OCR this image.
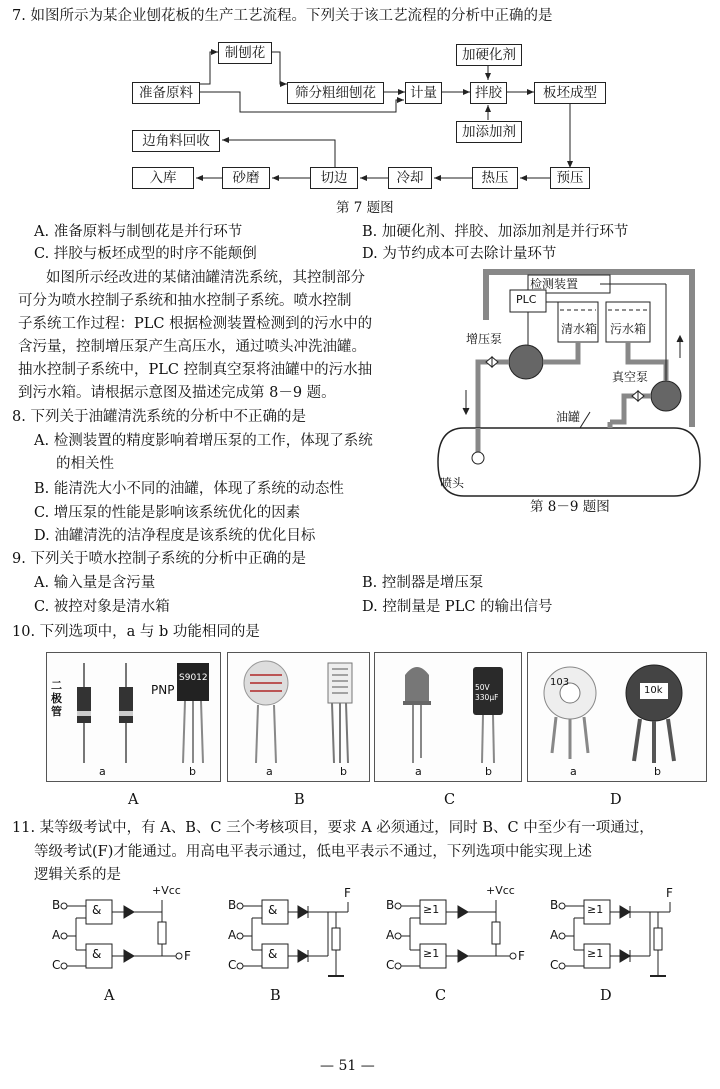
7. 如图所示为某企业刨花板的生产工艺流程。下列关于该工艺流程的分析中正确的是
准备原料
制刨花
筛分粗细刨花	计量
加硬化剂
拌胶
加添加剂
板坯成型
边角料回收
入库	砂磨	切边	冷却	热压	预压
第 7 题图
A. 准备原料与制刨花是并行环节	B. 加硬化剂、拌胶、加添加剂是并行环节
C. 拌胶与板坯成型的时序不能颠倒	D. 为节约成本可去除计量环节
如图所示经改进的某储油罐清洗系统，其控制部分
可分为喷水控制子系统和抽水控制子系统。喷水控制
子系统工作过程：PLC 根据检测装置检测到的污水中的
含污量，控制增压泵产生高压水，通过喷头冲洗油罐。
抽水控制子系统中，PLC 控制真空泵将油罐中的污水抽
到污水箱。请根据示意图及描述完成第 8－9 题。
检测装置
PLC
清水箱 污水箱
增压泵
真空泵
油罐
喷头
第 8－9 题图
8. 下列关于油罐清洗系统的分析中不正确的是
A. 检测装置的精度影响着增压泵的工作，体现了系统
的相关性
B. 能清洗大小不同的油罐，体现了系统的动态性
C. 增压泵的性能是影响该系统优化的因素
D. 油罐清洗的洁净程度是该系统的优化目标
9. 下列关于喷水控制子系统的分析中正确的是
A. 输入量是含污量	B. 控制器是增压泵
C. 被控对象是清水箱	D. 控制量是 PLC 的输出信号
10. 下列选项中，a 与 b 功能相同的是
二极管
PNP
S9012
a	b	a	b
50V 330μF
a	b
103
10k
a	b
A	B	C	D
11. 某等级考试中，有 A、B、C 三个考核项目，要求 A 必须通过，同时 B、C 中至少有一项通过，
等级考试(F)才能通过。用高电平表示通过，低电平表示不通过，下列选项中能实现上述
逻辑关系的是
B
A
C
&
&
+Vcc
F
B
A
C
&
&
F
B
A
C
≥1
≥1
+Vcc
F
B
A
C
≥1
≥1
F
A	B	C	D
— 51 —
